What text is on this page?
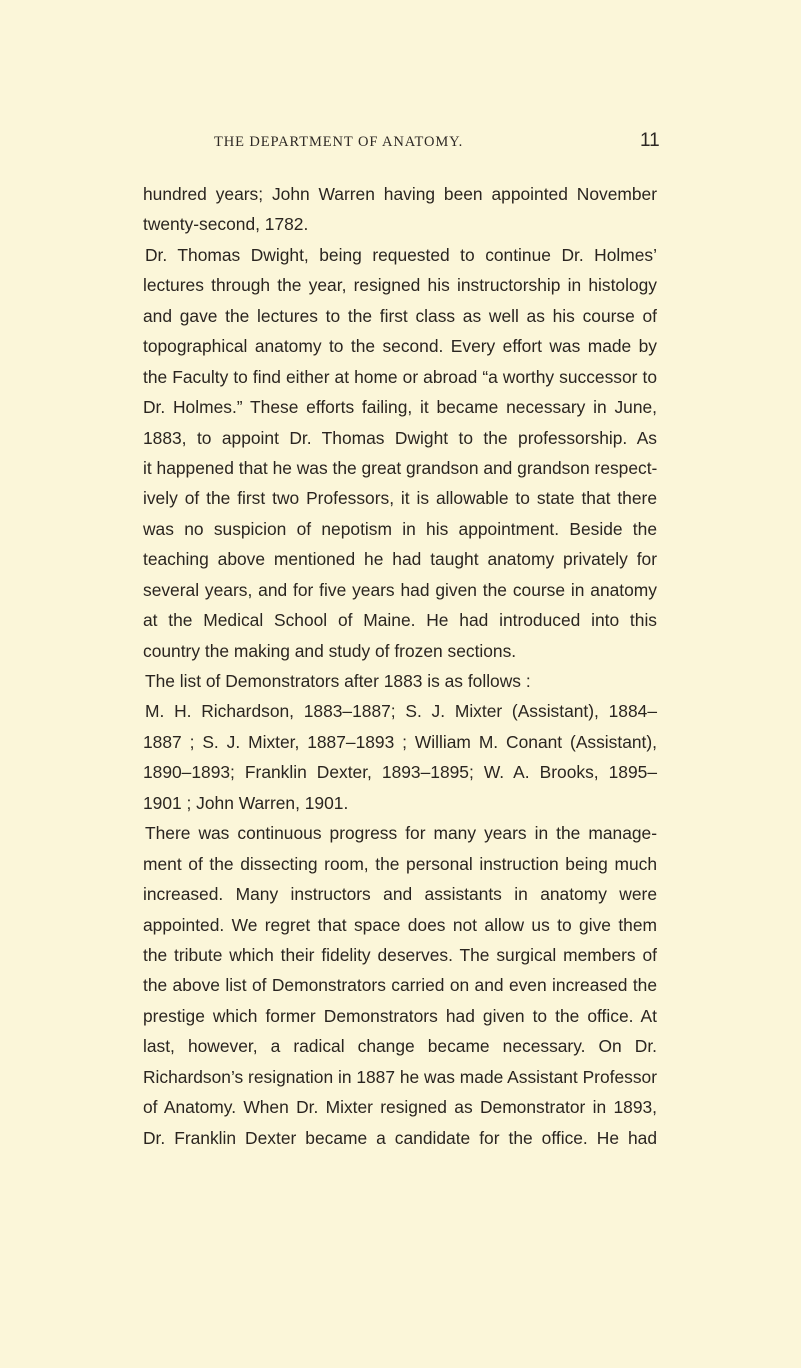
THE DEPARTMENT OF ANATOMY.	11
hundred years; John Warren having been appointed November
twenty-second, 1782.
Dr. Thomas Dwight, being requested to continue Dr. Holmes’
lectures through the year, resigned his instructorship in histology
and gave the lectures to the first class as well as his course of
topographical anatomy to the second. Every effort was made by
the Faculty to find either at home or abroad “a worthy successor to
Dr. Holmes.” These efforts failing, it became necessary in June,
1883, to appoint Dr. Thomas Dwight to the professorship. As
it happened that he was the great grandson and grandson respect-
ively of the first two Professors, it is allowable to state that there
was no suspicion of nepotism in his appointment. Beside the
teaching above mentioned he had taught anatomy privately for
several years, and for five years had given the course in anatomy
at the Medical School of Maine. He had introduced into this
country the making and study of frozen sections.
The list of Demonstrators after 1883 is as follows :
M. H. Richardson, 1883–1887; S. J. Mixter (Assistant), 1884–
1887 ; S. J. Mixter, 1887–1893 ; William M. Conant (Assistant),
1890–1893; Franklin Dexter, 1893–1895; W. A. Brooks, 1895–
1901 ; John Warren, 1901.
There was continuous progress for many years in the manage-
ment of the dissecting room, the personal instruction being much
increased. Many instructors and assistants in anatomy were
appointed. We regret that space does not allow us to give them
the tribute which their fidelity deserves. The surgical members of
the above list of Demonstrators carried on and even increased the
prestige which former Demonstrators had given to the office. At
last, however, a radical change became necessary. On Dr.
Richardson’s resignation in 1887 he was made Assistant Professor
of Anatomy. When Dr. Mixter resigned as Demonstrator in 1893,
Dr. Franklin Dexter became a candidate for the office. He had
